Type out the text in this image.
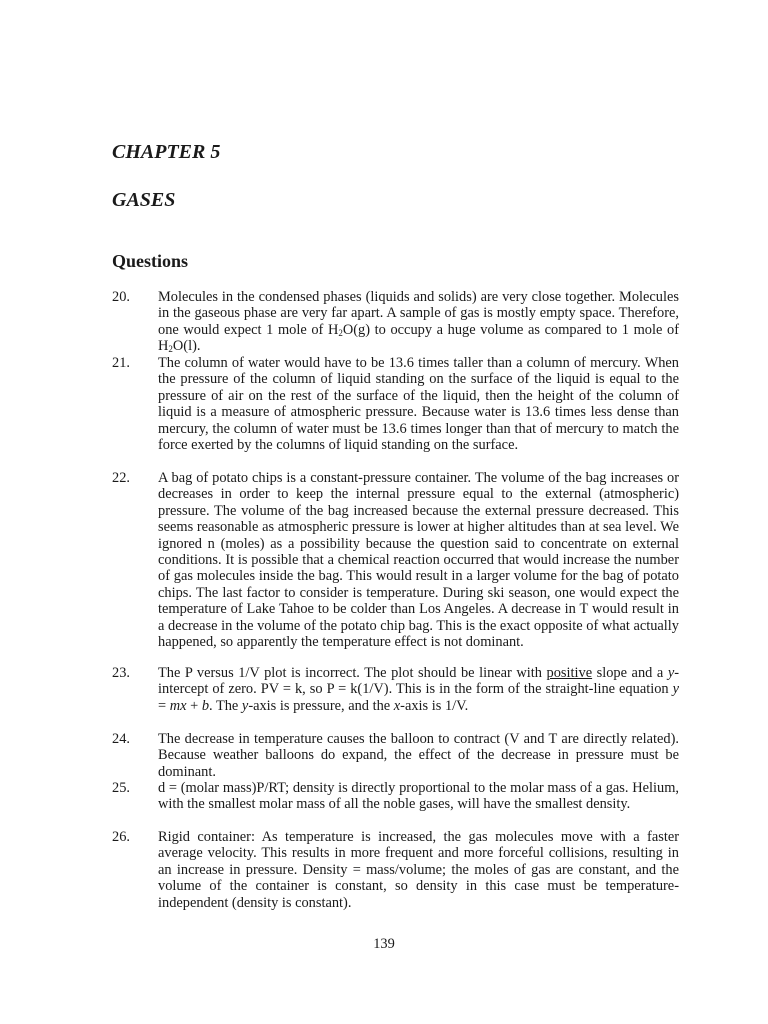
CHAPTER 5
GASES
Questions
20.	Molecules in the condensed phases (liquids and solids) are very close together. Molecules in the gaseous phase are very far apart. A sample of gas is mostly empty space. Therefore, one would expect 1 mole of $H_2O(g)$ to occupy a huge volume as compared to 1 mole of $H_2O(l)$.
21.	The column of water would have to be 13.6 times taller than a column of mercury. When the pressure of the column of liquid standing on the surface of the liquid is equal to the pressure of air on the rest of the surface of the liquid, then the height of the column of liquid is a measure of atmospheric pressure. Because water is 13.6 times less dense than mercury, the column of water must be 13.6 times longer than that of mercury to match the force exerted by the columns of liquid standing on the surface.
22.	A bag of potato chips is a constant-pressure container. The volume of the bag increases or decreases in order to keep the internal pressure equal to the external (atmospheric) pressure. The volume of the bag increased because the external pressure decreased. This seems reasonable as atmospheric pressure is lower at higher altitudes than at sea level. We ignored n (moles) as a possibility because the question said to concentrate on external conditions. It is possible that a chemical reaction occurred that would increase the number of gas molecules inside the bag. This would result in a larger volume for the bag of potato chips. The last factor to consider is temperature. During ski season, one would expect the temperature of Lake Tahoe to be colder than Los Angeles. A decrease in T would result in a decrease in the volume of the potato chip bag. This is the exact opposite of what actually happened, so apparently the temperature effect is not dominant.
23.	The P versus 1/V plot is incorrect. The plot should be linear with positive slope and a y-intercept of zero. PV = k, so P = k(1/V). This is in the form of the straight-line equation y = mx + b. The y-axis is pressure, and the x-axis is 1/V.
24.	The decrease in temperature causes the balloon to contract (V and T are directly related). Because weather balloons do expand, the effect of the decrease in pressure must be dominant.
25.	d = (molar mass)P/RT; density is directly proportional to the molar mass of a gas. Helium, with the smallest molar mass of all the noble gases, will have the smallest density.
26.	Rigid container: As temperature is increased, the gas molecules move with a faster average velocity. This results in more frequent and more forceful collisions, resulting in an increase in pressure. Density = mass/volume; the moles of gas are constant, and the volume of the container is constant, so density in this case must be temperature-independent (density is constant).
139
